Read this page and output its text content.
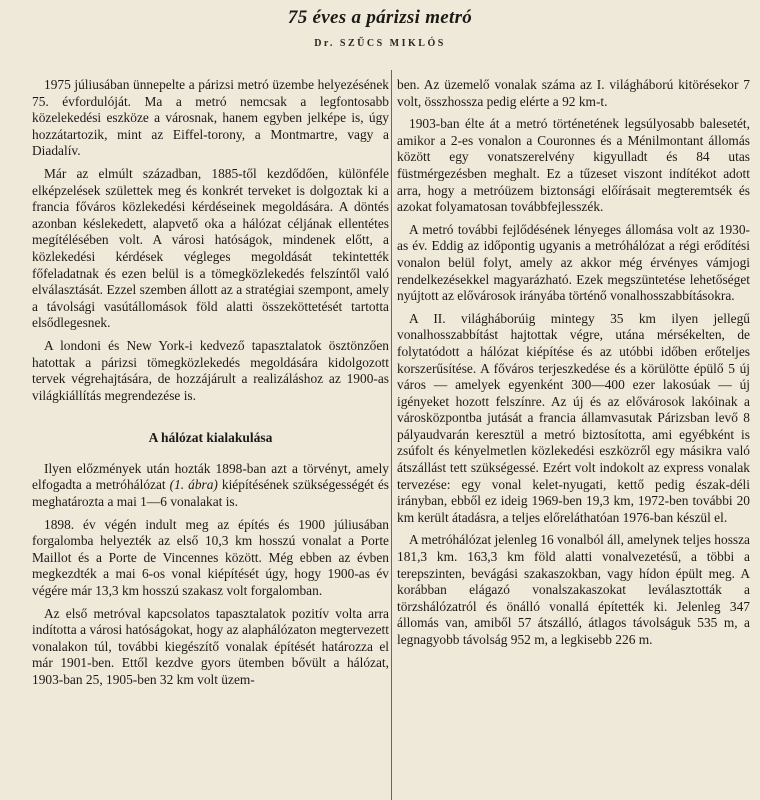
75 éves a párizsi metró
Dr. SZŰCS MIKLÓS

1975 júliusában ünnepelte a párizsi metró üzembe helyezésének 75. évfordulóját. Ma a metró nemcsak a legfontosabb közelekedési eszköze a városnak, hanem egyben jelképe is, úgy hozzátartozik, mint az Eiffel-torony, a Montmartre, vagy a Diadalív.

Már az elmúlt században, 1885-től kezdődően, különféle elképzelések születtek meg és konkrét terveket is dolgoztak ki a francia főváros közlekedési kérdéseinek megoldására. A döntés azonban késlekedett, alapvető oka a hálózat céljának ellentétes megítélésében volt. A városi hatóságok, mindenek előtt, a közlekedési kérdések végleges megoldását tekintették főfeladatnak és ezen belül is a tömegközlekedés felszíntől való elválasztását. Ezzel szemben állott az a stratégiai szempont, amely a távolsági vasútállomások föld alatti összeköttetését tartotta elsődlegesnek.

A londoni és New York-i kedvező tapasztalatok ösztönzően hatottak a párizsi tömegközlekedés megoldására kidolgozott tervek végrehajtására, de hozzájárult a realizáláshoz az 1900-as világkiállítás megrendezése is.

A hálózat kialakulása

Ilyen előzmények után hozták 1898-ban azt a törvényt, amely elfogadta a metróhálózat (1. ábra) kiépítésének szükségességét és meghatározta a mai 1—6 vonalakat is.

1898. év végén indult meg az építés és 1900 júliusában forgalomba helyezték az első 10,3 km hosszú vonalat a Porte Maillot és a Porte de Vincennes között. Még ebben az évben megkezdték a mai 6-os vonal kiépítését úgy, hogy 1900-as év végére már 13,3 km hosszú szakasz volt forgalomban.

Az első metróval kapcsolatos tapasztalatok pozitív volta arra indította a városi hatóságokat, hogy az alaphálózaton megtervezett vonalakon túl, további kiegészítő vonalak építését határozza el már 1901-ben. Ettől kezdve gyors ütemben bővült a hálózat, 1903-ban 25, 1905-ben 32 km volt üzem-

ben. Az üzemelő vonalak száma az I. világháború kitörésekor 7 volt, összhossza pedig elérte a 92 km-t.

1903-ban élte át a metró történetének legsúlyosabb balesetét, amikor a 2-es vonalon a Couronnes és a Ménilmontant állomás között egy vonatszerelvény kigyulladt és 84 utas füstmérgezésben meghalt. Ez a tűzeset viszont indítékot adott arra, hogy a metróüzem biztonsági előírásait megteremtsék és azokat folyamatosan továbbfejlesszék.

A metró további fejlődésének lényeges állomása volt az 1930-as év. Eddig az időpontig ugyanis a metróhálózat a régi erődítési vonalon belül folyt, amely az akkor még érvényes vámjogi rendelkezésekkel magyarázható. Ezek megszüntetése lehetőséget nyújtott az elővárosok irányába történő vonalhosszabbításokra.

A II. világháborúig mintegy 35 km ilyen jellegű vonalhosszabbítást hajtottak végre, utána mérsékelten, de folytatódott a hálózat kiépítése és az utóbbi időben erőteljes korszerűsítése. A főváros terjeszkedése és a körülötte épülő 5 új város — amelyek egyenként 300—400 ezer lakosúak — új igényeket hozott felszínre. Az új és az elővárosok lakóinak a városközpontba jutását a francia államvasutak Párizsban levő 8 pályaudvarán keresztül a metró biztosította, ami egyébként is zsúfolt és kényelmetlen közlekedési eszközről egy másikra való átszállást tett szükségessé. Ezért volt indokolt az express vonalak tervezése: egy vonal kelet-nyugati, kettő pedig észak-déli irányban, ebből ez ideig 1969-ben 19,3 km, 1972-ben további 20 km került átadásra, a teljes előreláthatóan 1976-ban készül el.

A metróhálózat jelenleg 16 vonalból áll, amelynek teljes hossza 181,3 km. 163,3 km föld alatti vonalvezetésű, a többi a terepszinten, bevágási szakaszokban, vagy hídon épült meg. A korábban elágazó vonalszakaszokat leválasztották a törzshálózatról és önálló vonallá építették ki. Jelenleg 347 állomás van, amiből 57 átszálló, átlagos távolságuk 535 m, a legnagyobb távolság 952 m, a legkisebb 226 m.
